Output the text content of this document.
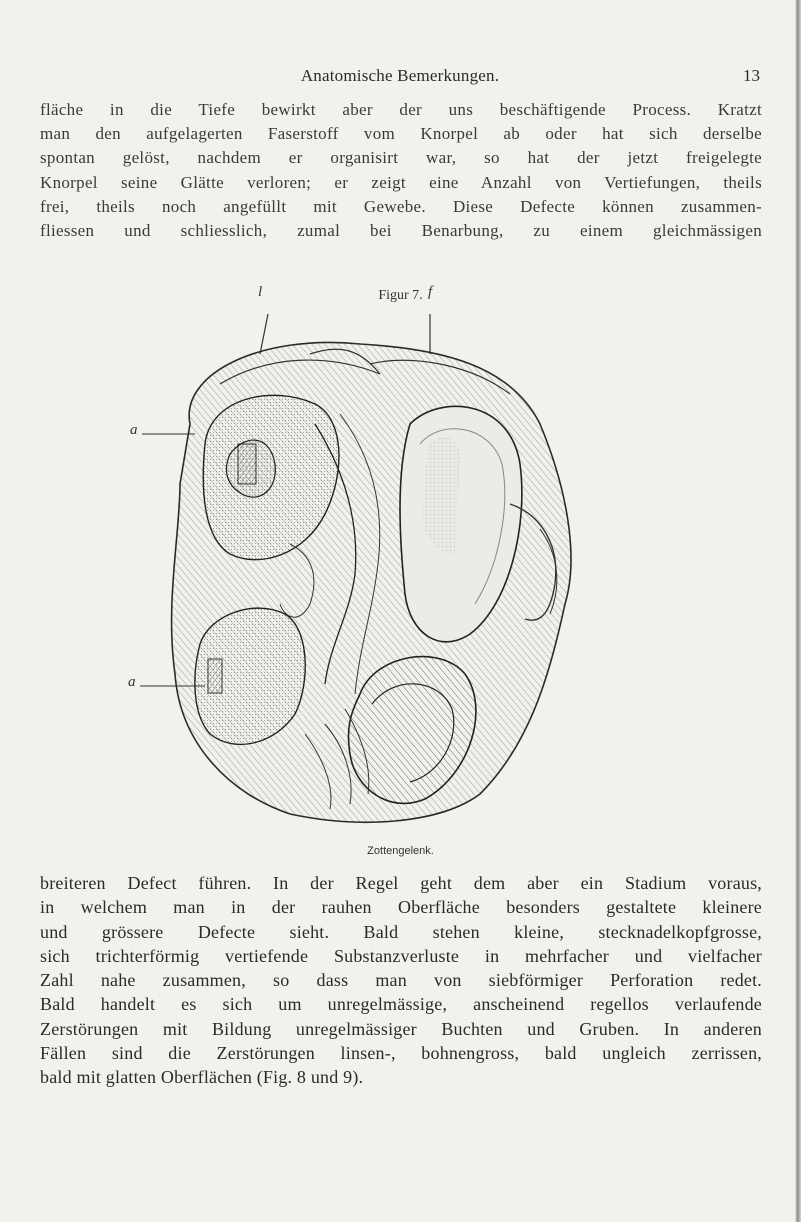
Anatomische Bemerkungen.	13
fläche in die Tiefe bewirkt aber der uns beschäftigende Process. Kratzt
man den aufgelagerten Faserstoff vom Knorpel ab oder hat sich derselbe
spontan gelöst, nachdem er organisirt war, so hat der jetzt freigelegte
Knorpel seine Glätte verloren; er zeigt eine Anzahl von Vertiefungen, theils
frei, theils noch angefüllt mit Gewebe. Diese Defecte können zusammen-
fliessen und schliesslich, zumal bei Benarbung, zu einem gleichmässigen
Figur 7.
l	f
a
a
Zottengelenk.
breiteren Defect führen. In der Regel geht dem aber ein Stadium voraus,
in welchem man in der rauhen Oberfläche besonders gestaltete kleinere
und grössere Defecte sieht. Bald stehen kleine, stecknadelkopfgrosse,
sich trichterförmig vertiefende Substanzverluste in mehrfacher und vielfacher
Zahl nahe zusammen, so dass man von siebförmiger Perforation redet.
Bald handelt es sich um unregelmässige, anscheinend regellos verlaufende
Zerstörungen mit Bildung unregelmässiger Buchten und Gruben. In anderen
Fällen sind die Zerstörungen linsen-, bohnengross, bald ungleich zerrissen,
bald mit glatten Oberflächen (Fig. 8 und 9).
